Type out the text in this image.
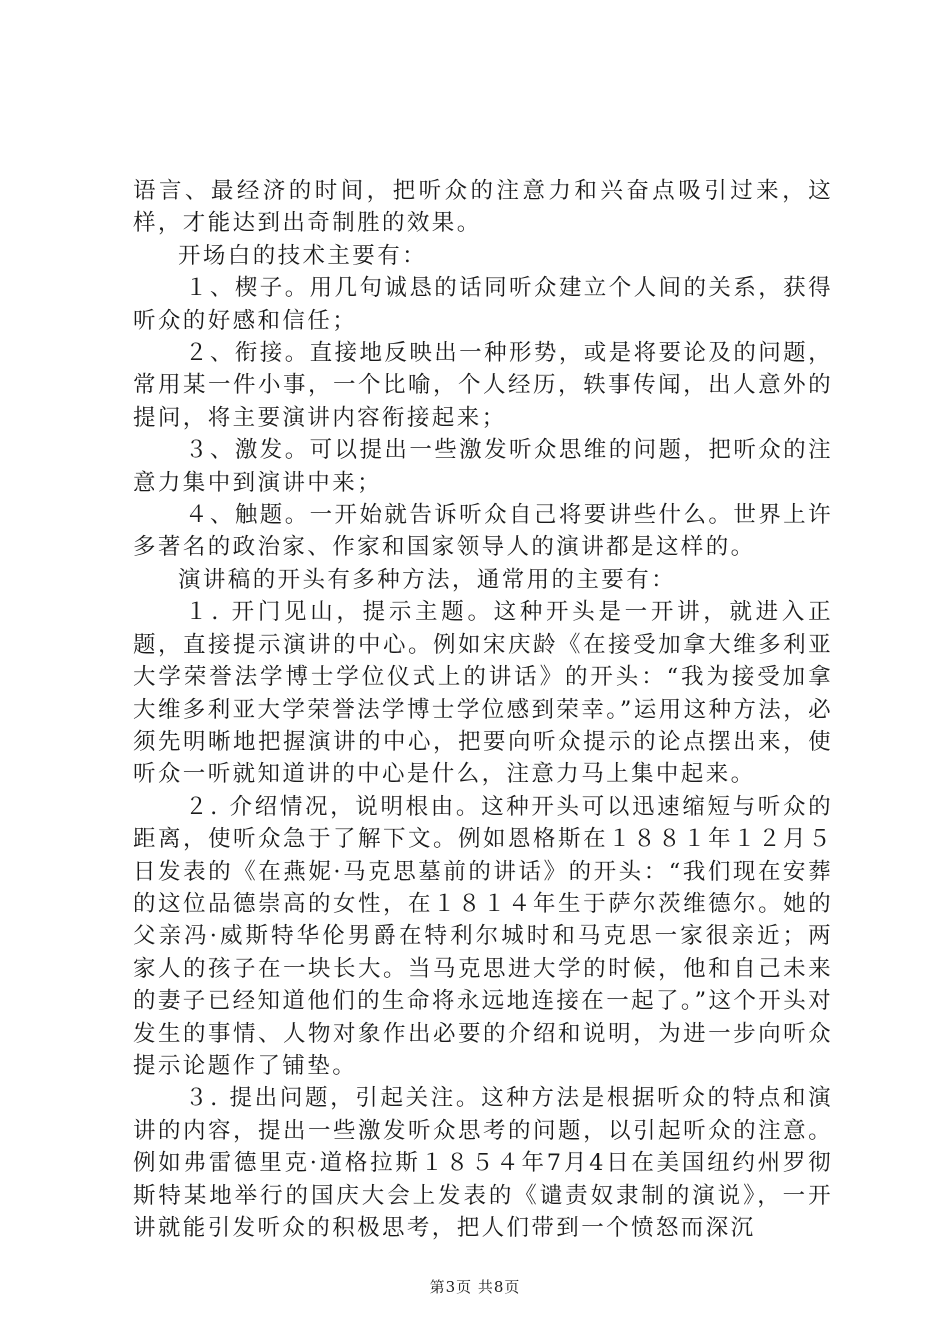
语言、最经济的时间，把听众的注意力和兴奋点吸引过来，这样，才能达到出奇制胜的效果。

开场白的技术主要有：

１、楔子。用几句诚恳的话同听众建立个人间的关系，获得听众的好感和信任；

２、衔接。直接地反映出一种形势，或是将要论及的问题，常用某一件小事，一个比喻，个人经历，轶事传闻，出人意外的提问，将主要演讲内容衔接起来；

３、激发。可以提出一些激发听众思维的问题，把听众的注意力集中到演讲中来；

４、触题。一开始就告诉听众自己将要讲些什么。世界上许多著名的政治家、作家和国家领导人的演讲都是这样的。

演讲稿的开头有多种方法，通常用的主要有：

１. 开门见山，提示主题。这种开头是一开讲，就进入正题，直接提示演讲的中心。例如宋庆龄《在接受加拿大维多利亚大学荣誉法学博士学位仪式上的讲话》的开头：“我为接受加拿大维多利亚大学荣誉法学博士学位感到荣幸。”运用这种方法，必须先明晰地把握演讲的中心，把要向听众提示的论点摆出来，使听众一听就知道讲的中心是什么，注意力马上集中起来。

２. 介绍情况，说明根由。这种开头可以迅速缩短与听众的距离，使听众急于了解下文。例如恩格斯在１８８１年１２月５日发表的《在燕妮·马克思墓前的讲话》的开头：“我们现在安葬的这位品德崇高的女性，在１８１４年生于萨尔茨维德尔。她的父亲冯·威斯特华伦男爵在特利尔城时和马克思一家很亲近；两家人的孩子在一块长大。当马克思进大学的时候，他和自己未来的妻子已经知道他们的生命将永远地连接在一起了。”这个开头对发生的事情、人物对象作出必要的介绍和说明，为进一步向听众提示论题作了铺垫。

３. 提出问题，引起关注。这种方法是根据听众的特点和演讲的内容，提出一些激发听众思考的问题，以引起听众的注意。例如弗雷德里克·道格拉斯１８５４年7月4日在美国纽约州罗彻斯特某地举行的国庆大会上发表的《谴责奴隶制的演说》，一开讲就能引发听众的积极思考，把人们带到一个愤怒而深沉

第3页 共8页
